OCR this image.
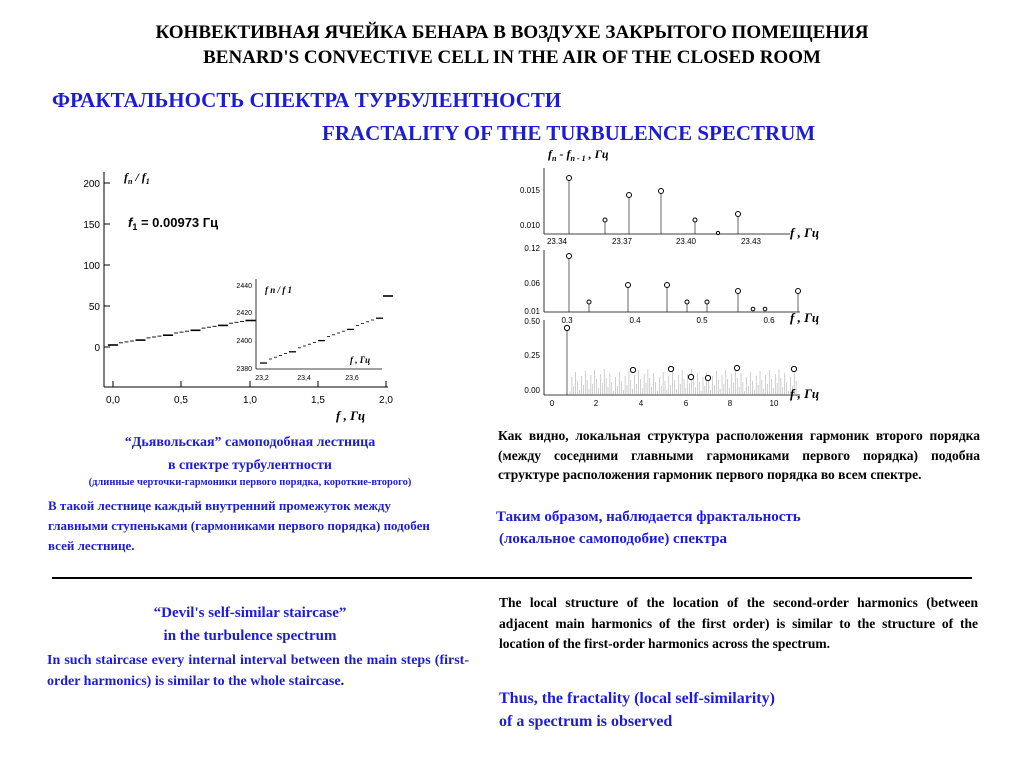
КОНВЕКТИВНАЯ ЯЧЕЙКА БЕНАРА В ВОЗДУХЕ ЗАКРЫТОГО ПОМЕЩЕНИЯ
BENARD'S CONVECTIVE CELL IN THE AIR OF THE CLOSED ROOM
ФРАКТАЛЬНОСТЬ СПЕКТРА ТУРБУЛЕНТНОСТИ
FRACTALITY OF THE TURBULENCE SPECTRUM
200
150
100
50
0
0,0	0,5	1,0	1,5	2,0
$f_n / f_1$
$f_1 = 0.00973$ Гц
f , Гц
2440
2420
2400
2380
23,2	23,4	23,6
f n / f 1
f , Гц
$f_n - f_{n - 1}$ , Гц
0.015
0.010
23.34	23.37	23.40	23.43
0.12
0.06
0.01
0.3	0.4	0.5	0.6
0.50
0.25
0.00
0	2	4	6	8	10
f , Гц
f , Гц
f , Гц
“Дьявольская” самоподобная лестница
в спектре турбулентности
(длинные черточки-гармоники первого порядка, короткие-второго)
В такой лестнице каждый внутренний промежуток между главными ступеньками (гармониками первого порядка) подобен всей лестнице.
Как видно, локальная структура расположения гармоник второго порядка (между соседними главными гармониками первого порядка) подобна структуре расположения гармоник первого порядка во всем спектре.
Таким образом, наблюдается фрактальность
(локальное самоподобие) спектра
“Devil's self-similar staircase”
in the turbulence spectrum
In such staircase every internal interval between the main steps (first-order harmonics) is similar to the whole staircase.
The local structure of the location of the second-order harmonics (between adjacent main harmonics of the first order) is similar to the structure of the location of the first-order harmonics across the spectrum.
Thus, the fractality (local self-similarity)
of a spectrum is observed
